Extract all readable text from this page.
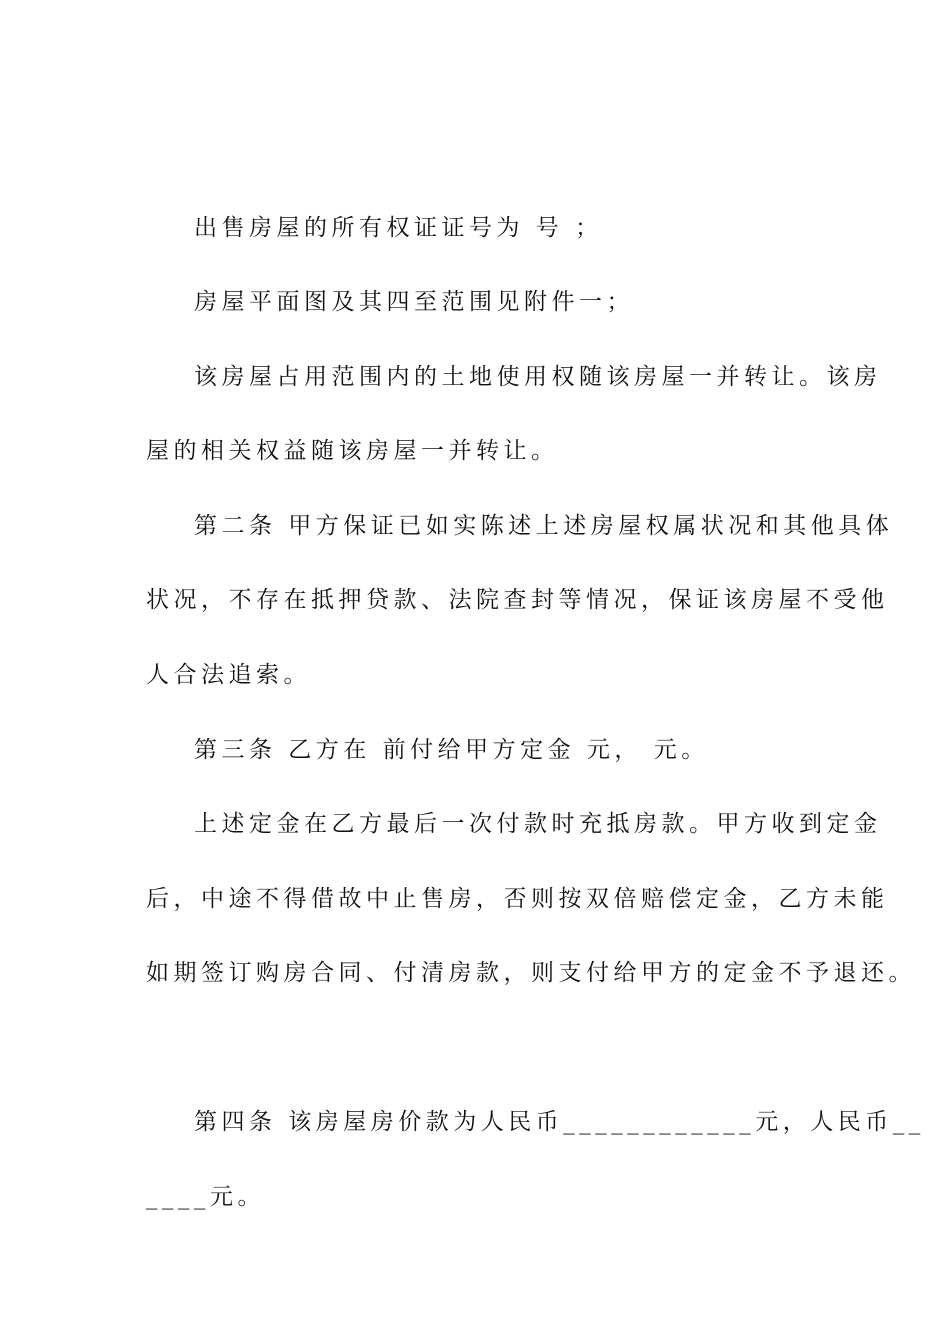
出售房屋的所有权证证号为 号 ；
房屋平面图及其四至范围见附件一；
该房屋占用范围内的土地使用权随该房屋一并转让。该房
屋的相关权益随该房屋一并转让。
第二条 甲方保证已如实陈述上述房屋权属状况和其他具体
状况，不存在抵押贷款、法院查封等情况，保证该房屋不受他
人合法追索。
第三条 乙方在 前付给甲方定金 元， 元。
上述定金在乙方最后一次付款时充抵房款。甲方收到定金
后，中途不得借故中止售房，否则按双倍赔偿定金，乙方未能
如期签订购房合同、付清房款，则支付给甲方的定金不予退还。
第四条 该房屋房价款为人民币____________元，人民币__
____元。
